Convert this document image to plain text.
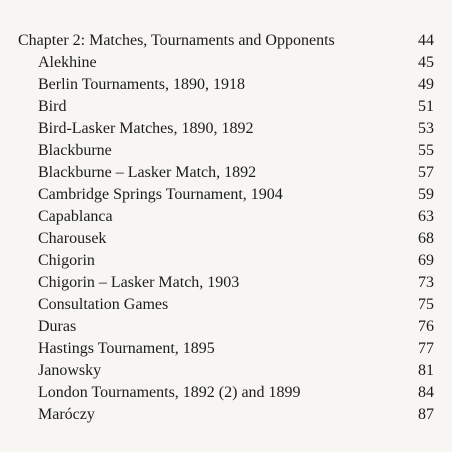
Chapter 2: Matches, Tournaments and Opponents	44
Alekhine	45
Berlin Tournaments, 1890, 1918	49
Bird	51
Bird-Lasker Matches, 1890, 1892	53
Blackburne	55
Blackburne – Lasker Match, 1892	57
Cambridge Springs Tournament, 1904	59
Capablanca	63
Charousek	68
Chigorin	69
Chigorin – Lasker Match, 1903	73
Consultation Games	75
Duras	76
Hastings Tournament, 1895	77
Janowsky	81
London Tournaments, 1892 (2) and 1899	84
Maróczy	87
